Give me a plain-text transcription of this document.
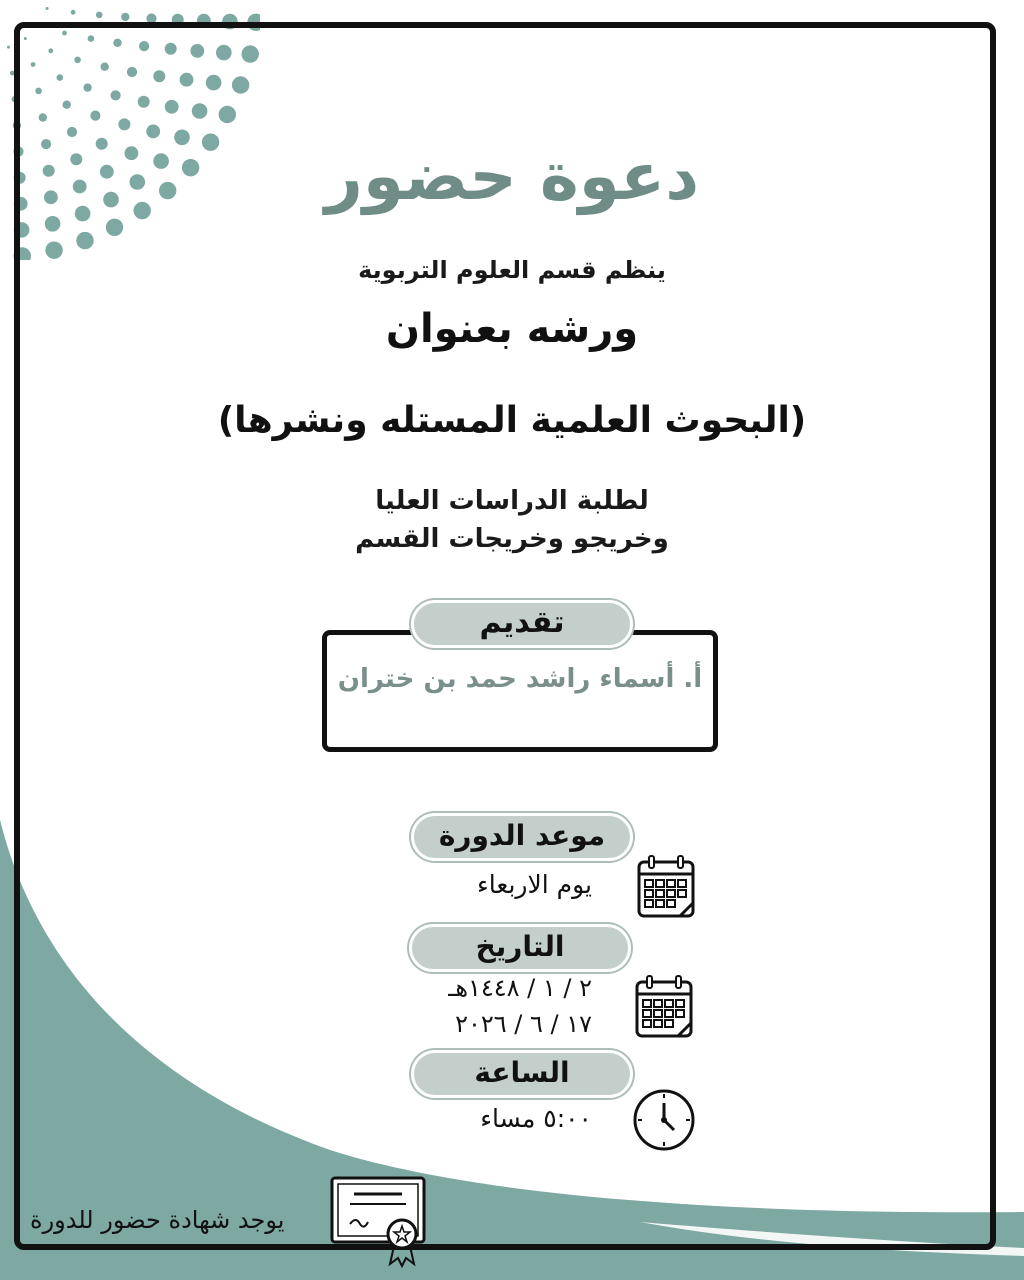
دعوة حضور
ينظم قسم العلوم التربوية
ورشه بعنوان
(البحوث العلمية المستله ونشرها)
لطلبة الدراسات العليا
وخريجو وخريجات القسم
تقديم
أ. أسماء راشد حمد بن ختران
موعد الدورة
يوم الاربعاء
التاريخ
٢ / ١ / ١٤٤٨هـ
١٧ / ٦ / ٢٠٢٦
الساعة
٥:٠٠ مساء
يوجد شهادة حضور للدورة
